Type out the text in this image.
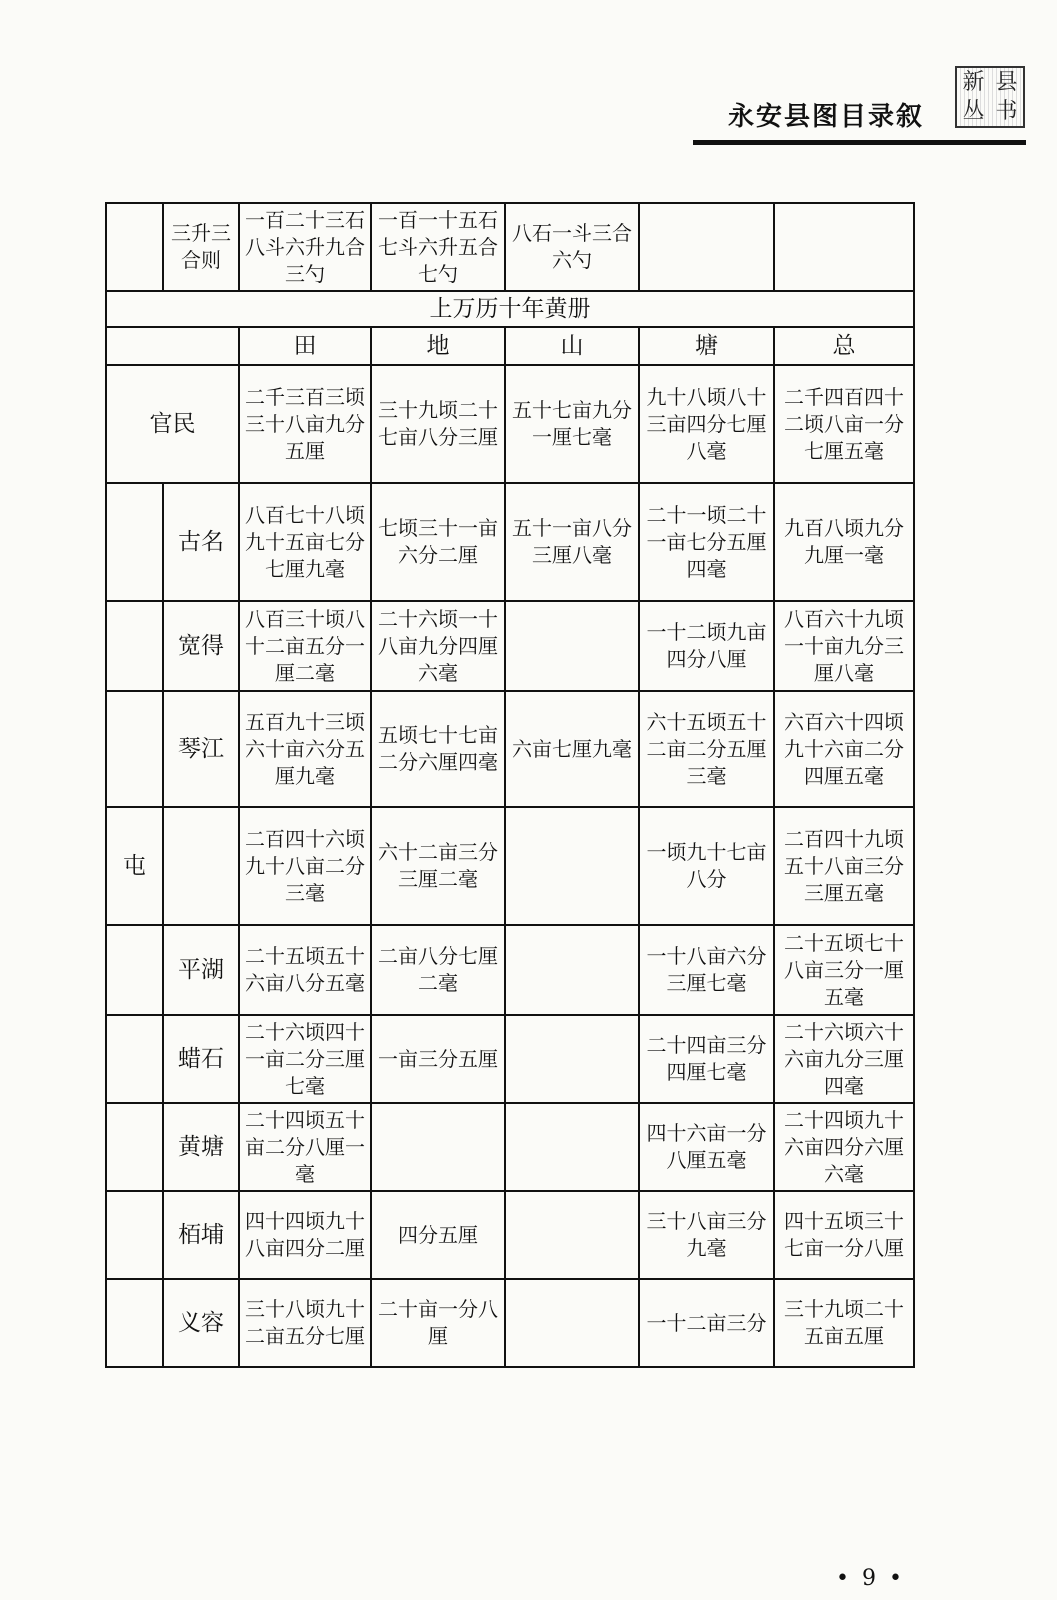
永安县图目录叙
新 县
丛 书
	三升三合则	一百二十三石八斗六升九合三勺	一百一十五石七斗六升五合七勺	八石一斗三合六勺		
上万历十年黄册						
		田	地	山	塘	总
官民		二千三百三顷三十八亩九分五厘	三十九顷二十七亩八分三厘	五十七亩九分一厘七毫	九十八顷八十三亩四分七厘八毫	二千四百四十二顷八亩一分七厘五毫
	古名	八百七十八顷九十五亩七分七厘九毫	七顷三十一亩六分二厘	五十一亩八分三厘八毫	二十一顷二十一亩七分五厘四毫	九百八顷九分九厘一毫
	宽得	八百三十顷八十二亩五分一厘二毫	二十六顷一十八亩九分四厘六毫		一十二顷九亩四分八厘	八百六十九顷一十亩九分三厘八毫
	琴江	五百九十三顷六十亩六分五厘九毫	五顷七十七亩二分六厘四毫	六亩七厘九毫	六十五顷五十二亩二分五厘三毫	六百六十四顷九十六亩二分四厘五毫
屯		二百四十六顷九十八亩二分三毫	六十二亩三分三厘二毫		一顷九十七亩八分	二百四十九顷五十八亩三分三厘五毫
	平湖	二十五顷五十六亩八分五毫	二亩八分七厘二毫		一十八亩六分三厘七毫	二十五顷七十八亩三分一厘五毫
	蜡石	二十六顷四十一亩二分三厘七毫	一亩三分五厘		二十四亩三分四厘七毫	二十六顷六十六亩九分三厘四毫
	黄塘	二十四顷五十亩二分八厘一毫			四十六亩一分八厘五毫	二十四顷九十六亩四分六厘六毫
	栢埔	四十四顷九十八亩四分二厘	四分五厘		三十八亩三分九毫	四十五顷三十七亩一分八厘
	义容	三十八顷九十二亩五分七厘	二十亩一分八厘		一十二亩三分	三十九顷二十五亩五厘
• 9 •
